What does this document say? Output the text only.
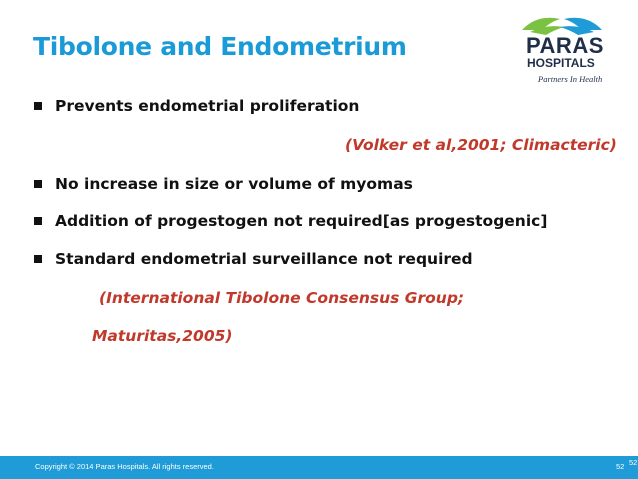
Tibolone and Endometrium	PARAS
HOSPITALS
Partners In Health
Prevents endometrial proliferation
(Volker et al,2001; Climacteric)
No increase in size or volume of myomas
Addition of progestogen not required[as progestogenic]
Standard endometrial surveillance not required
(International Tibolone Consensus Group;
Maturitas,2005)
Copyright © 2014 Paras Hospitals. All rights reserved.	52 52
